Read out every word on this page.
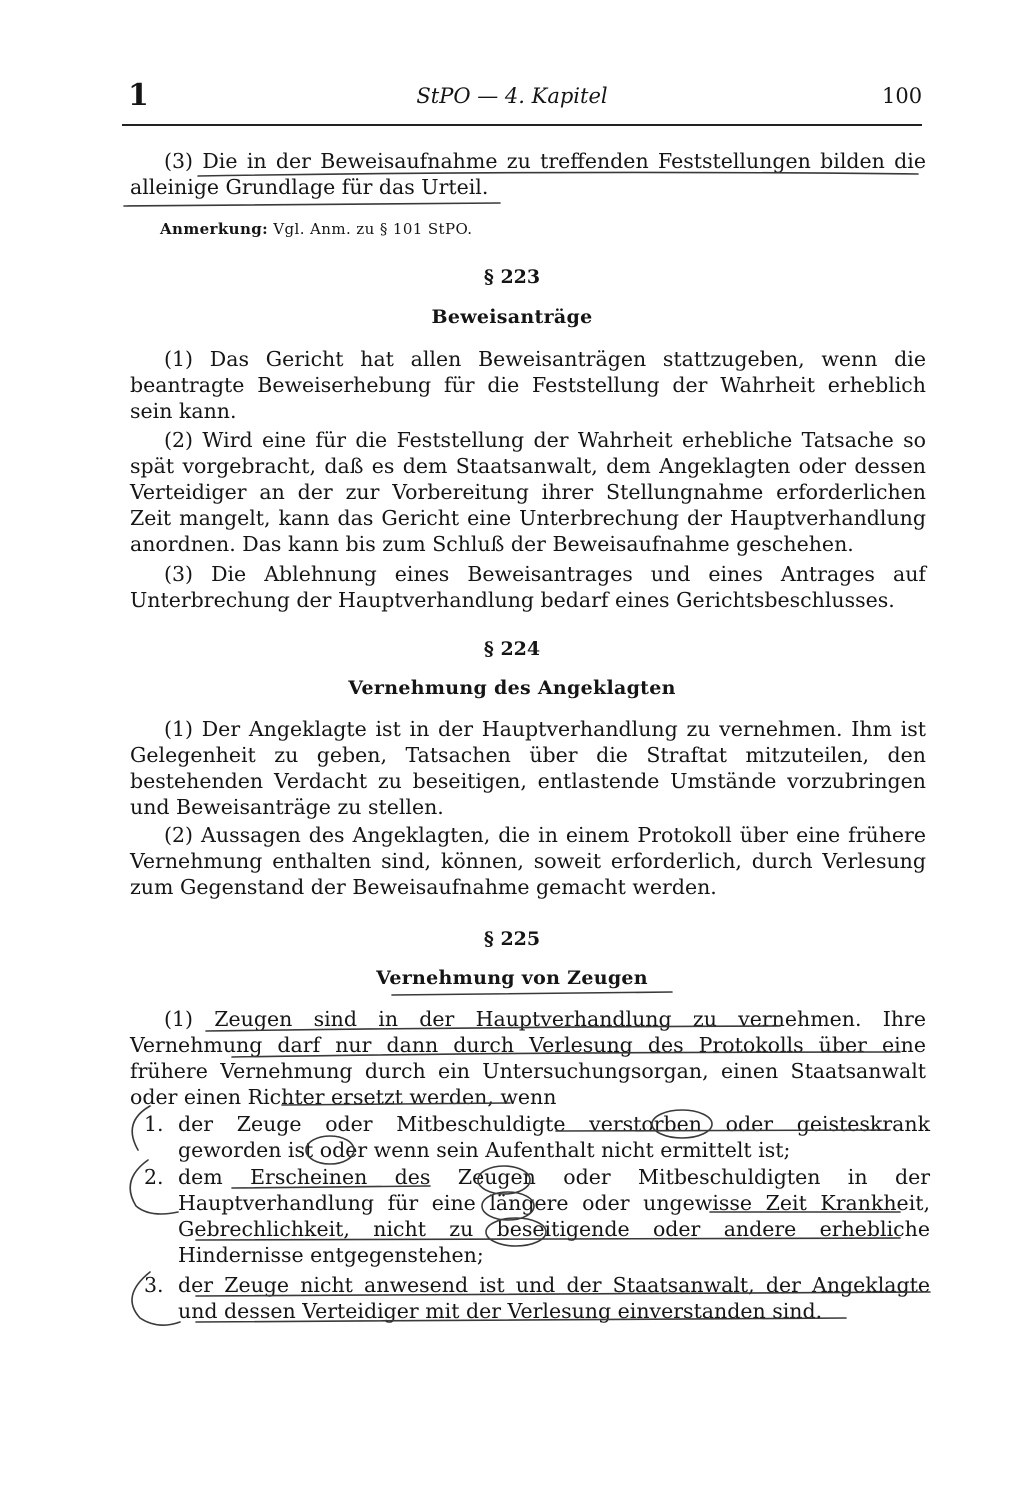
1	StPO — 4. Kapitel	100
(3) Die in der Beweisaufnahme zu treffenden Feststellungen bilden die alleinige Grundlage für das Urteil.
Anmerkung: Vgl. Anm. zu § 101 StPO.
§ 223
Beweisanträge
(1) Das Gericht hat allen Beweisanträgen stattzugeben, wenn die beantragte Beweiserhebung für die Feststellung der Wahrheit erheblich sein kann.
(2) Wird eine für die Feststellung der Wahrheit erhebliche Tatsache so spät vorgebracht, daß es dem Staatsanwalt, dem Angeklagten oder dessen Verteidiger an der zur Vorbereitung ihrer Stellungnahme erforderlichen Zeit mangelt, kann das Gericht eine Unterbrechung der Hauptverhandlung anordnen. Das kann bis zum Schluß der Beweisaufnahme geschehen.
(3) Die Ablehnung eines Beweisantrages und eines Antrages auf Unterbrechung der Hauptverhandlung bedarf eines Gerichtsbeschlusses.
§ 224
Vernehmung des Angeklagten
(1) Der Angeklagte ist in der Hauptverhandlung zu vernehmen. Ihm ist Gelegenheit zu geben, Tatsachen über die Straftat mitzuteilen, den bestehenden Verdacht zu beseitigen, entlastende Umstände vorzubringen und Beweisanträge zu stellen.
(2) Aussagen des Angeklagten, die in einem Protokoll über eine frühere Vernehmung enthalten sind, können, soweit erforderlich, durch Verlesung zum Gegenstand der Beweisaufnahme gemacht werden.
§ 225
Vernehmung von Zeugen
(1) Zeugen sind in der Hauptverhandlung zu vernehmen. Ihre Vernehmung darf nur dann durch Verlesung des Protokolls über eine frühere Vernehmung durch ein Untersuchungsorgan, einen Staatsanwalt oder einen Richter ersetzt werden, wenn
1. der Zeuge oder Mitbeschuldigte verstorben oder geisteskrank geworden ist oder wenn sein Aufenthalt nicht ermittelt ist;
2. dem Erscheinen des Zeugen oder Mitbeschuldigten in der Hauptverhandlung für eine längere oder ungewisse Zeit Krankheit, Gebrechlichkeit, nicht zu beseitigende oder andere erhebliche Hindernisse entgegenstehen;
3. der Zeuge nicht anwesend ist und der Staatsanwalt, der Angeklagte und dessen Verteidiger mit der Verlesung einverstanden sind.
